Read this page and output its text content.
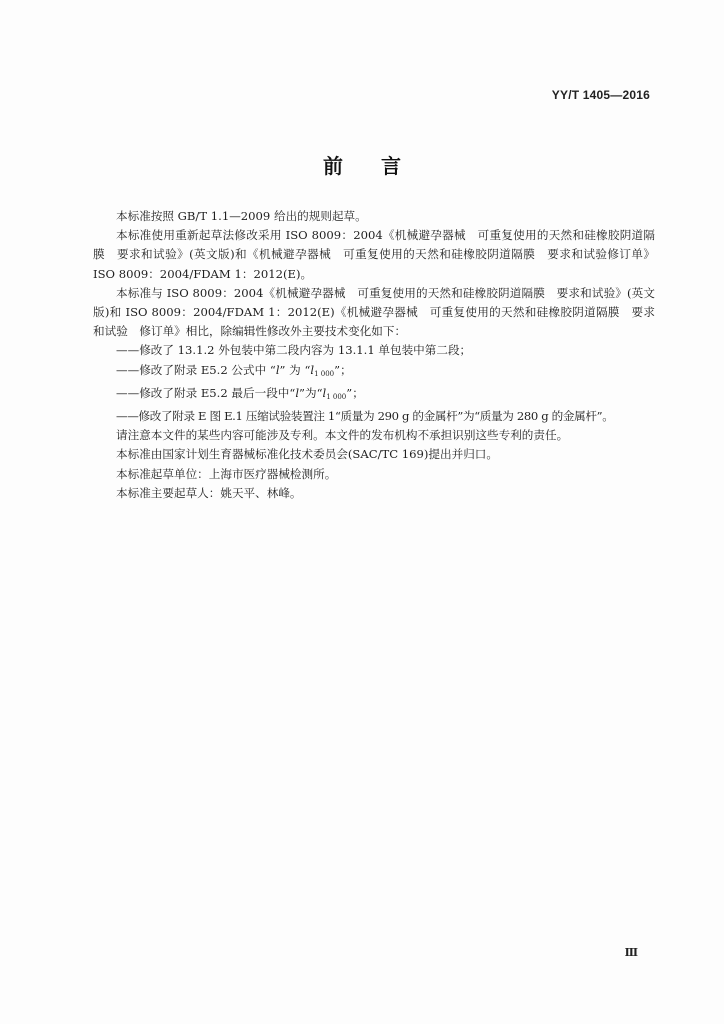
YY/T 1405—2016
前言

本标准按照 GB/T 1.1—2009 给出的规则起草。

本标准使用重新起草法修改采用 ISO 8009：2004《机械避孕器械　可重复使用的天然和硅橡胶阴道隔膜　要求和试验》(英文版)和《机械避孕器械　可重复使用的天然和硅橡胶阴道隔膜　要求和试验修订单》ISO 8009：2004/FDAM 1：2012(E)。

本标准与 ISO 8009：2004《机械避孕器械　可重复使用的天然和硅橡胶阴道隔膜　要求和试验》(英文版)和 ISO 8009：2004/FDAM 1：2012(E)《机械避孕器械　可重复使用的天然和硅橡胶阴道隔膜　要求和试验　修订单》相比，除编辑性修改外主要技术变化如下：

——修改了 13.1.2 外包装中第二段内容为 13.1.1 单包装中第二段；

——修改了附录 E5.2 公式中 “l” 为 “$l_{1 000}$”；

——修改了附录 E5.2 最后一段中“l”为“$l_{1 000}$”；

——修改了附录 E 图 E.1 压缩试验装置注 1“质量为 290 g 的金属杆”为“质量为 280 g 的金属杆”。

请注意本文件的某些内容可能涉及专利。本文件的发布机构不承担识别这些专利的责任。

本标准由国家计划生育器械标准化技术委员会(SAC/TC 169)提出并归口。

本标准起草单位：上海市医疗器械检测所。

本标准主要起草人：姚天平、林峰。

Ⅲ
